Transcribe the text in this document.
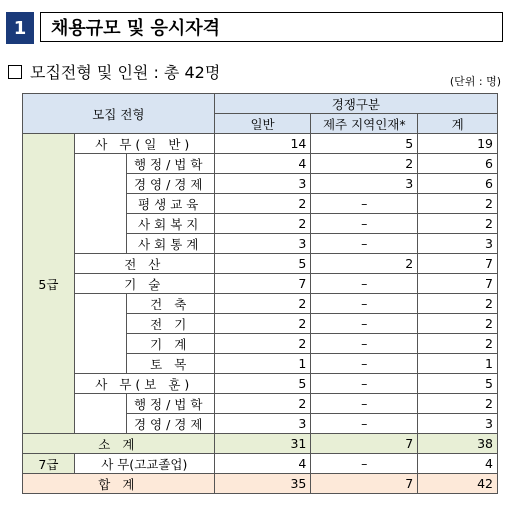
1	채용규모 및 응시자격
모집전형 및 인원 : 총 42명	(단위 : 명)
모집 전형			경쟁구분		
			일반	제주 지역인재*	계
5급	사 무(일 반)		14	5	19
		행정/법학	4	2	6
		경영/경제	3	3	6
		평생교육	2	–	2
		사회복지	2	–	2
		사회통계	3	–	3
	전 산		5	2	7
	기 술		7	–	7
		건 축	2	–	2
		전 기	2	–	2
		기 계	2	–	2
		토 목	1	–	1
	사 무(보 훈)		5	–	5
		행정/법학	2	–	2
		경영/경제	3	–	3
소 계			31	7	38
7급	사 무(고교졸업)		4	–	4
합 계			35	7	42
